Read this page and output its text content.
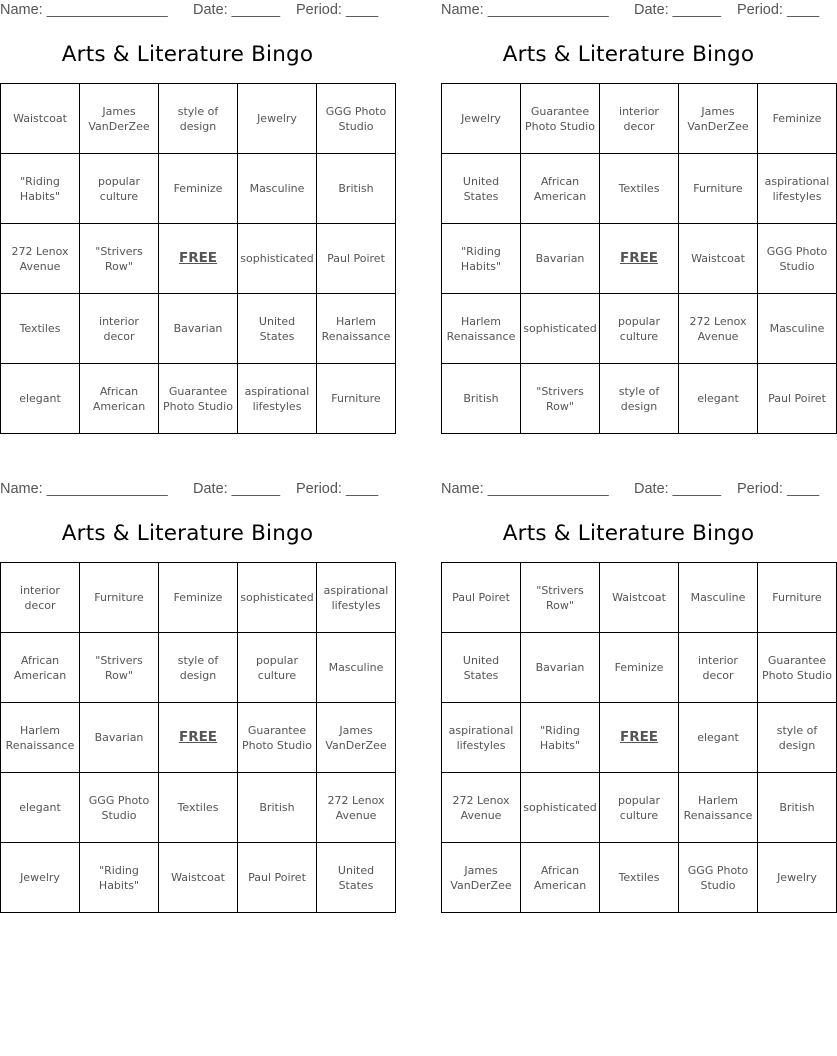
Name: _______________ Date: ______ Period: ____
Arts & Literature Bingo
Waistcoat	James VanDerZee	style of design	Jewelry	GGG Photo Studio
"Riding Habits"	popular culture	Feminize	Masculine	British
272 Lenox Avenue	"Strivers Row"	FREE	sophisticated	Paul Poiret
Textiles	interior decor	Bavarian	United States	Harlem Renaissance
elegant	African American	Guarantee Photo Studio	aspirational lifestyles	Furniture
Name: _______________ Date: ______ Period: ____
Arts & Literature Bingo
Jewelry	Guarantee Photo Studio	interior decor	James VanDerZee	Feminize
United States	African American	Textiles	Furniture	aspirational lifestyles
"Riding Habits"	Bavarian	FREE	Waistcoat	GGG Photo Studio
Harlem Renaissance	sophisticated	popular culture	272 Lenox Avenue	Masculine
British	"Strivers Row"	style of design	elegant	Paul Poiret
Name: _______________ Date: ______ Period: ____
Arts & Literature Bingo
interior decor	Furniture	Feminize	sophisticated	aspirational lifestyles
African American	"Strivers Row"	style of design	popular culture	Masculine
Harlem Renaissance	Bavarian	FREE	Guarantee Photo Studio	James VanDerZee
elegant	GGG Photo Studio	Textiles	British	272 Lenox Avenue
Jewelry	"Riding Habits"	Waistcoat	Paul Poiret	United States
Name: _______________ Date: ______ Period: ____
Arts & Literature Bingo
Paul Poiret	"Strivers Row"	Waistcoat	Masculine	Furniture
United States	Bavarian	Feminize	interior decor	Guarantee Photo Studio
aspirational lifestyles	"Riding Habits"	FREE	elegant	style of design
272 Lenox Avenue	sophisticated	popular culture	Harlem Renaissance	British
James VanDerZee	African American	Textiles	GGG Photo Studio	Jewelry
